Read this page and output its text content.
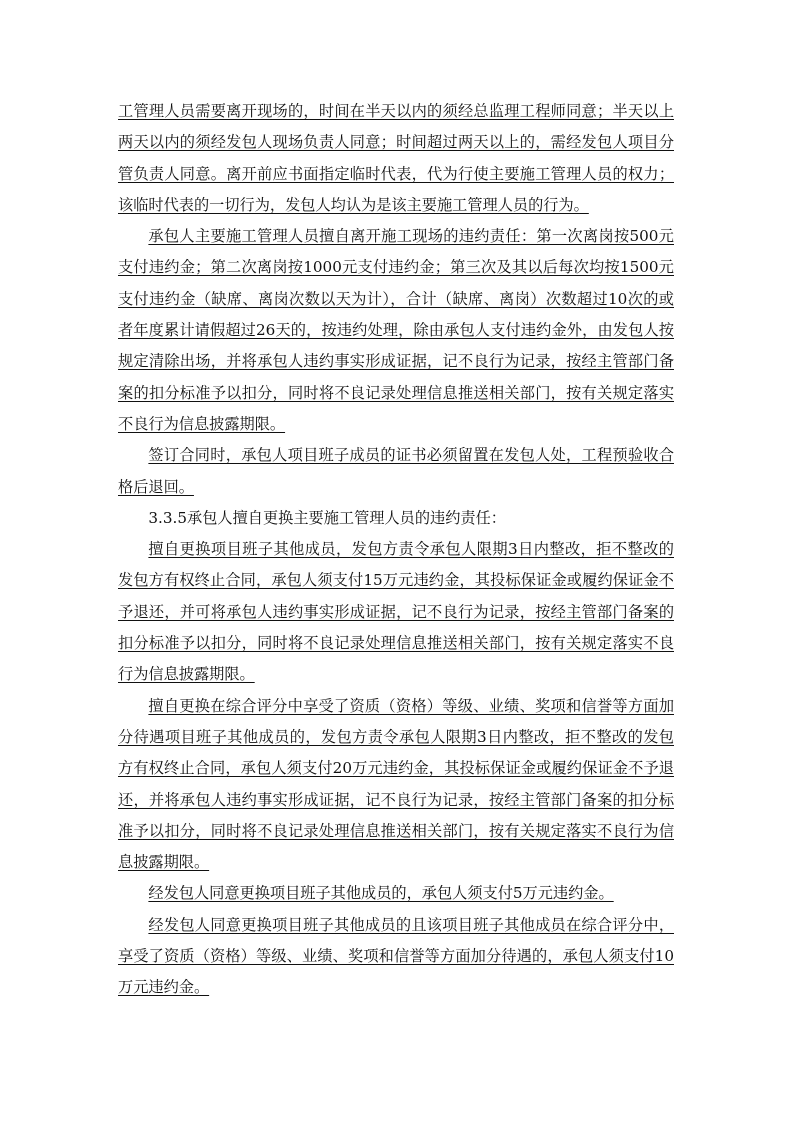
工管理人员需要离开现场的，时间在半天以内的须经总监理工程师同意；半天以上两天以内的须经发包人现场负责人同意；时间超过两天以上的，需经发包人项目分管负责人同意。离开前应书面指定临时代表，代为行使主要施工管理人员的权力；该临时代表的一切行为，发包人均认为是该主要施工管理人员的行为。

承包人主要施工管理人员擅自离开施工现场的违约责任：第一次离岗按500元支付违约金；第二次离岗按1000元支付违约金；第三次及其以后每次均按1500元支付违约金（缺席、离岗次数以天为计），合计（缺席、离岗）次数超过10次的或者年度累计请假超过26天的，按违约处理，除由承包人支付违约金外，由发包人按规定清除出场，并将承包人违约事实形成证据，记不良行为记录，按经主管部门备案的扣分标准予以扣分，同时将不良记录处理信息推送相关部门，按有关规定落实不良行为信息披露期限。

签订合同时，承包人项目班子成员的证书必须留置在发包人处，工程预验收合格后退回。

3.3.5承包人擅自更换主要施工管理人员的违约责任：

擅自更换项目班子其他成员，发包方责令承包人限期3日内整改，拒不整改的发包方有权终止合同，承包人须支付15万元违约金，其投标保证金或履约保证金不予退还，并可将承包人违约事实形成证据，记不良行为记录，按经主管部门备案的扣分标准予以扣分，同时将不良记录处理信息推送相关部门，按有关规定落实不良行为信息披露期限。

擅自更换在综合评分中享受了资质（资格）等级、业绩、奖项和信誉等方面加分待遇项目班子其他成员的，发包方责令承包人限期3日内整改，拒不整改的发包方有权终止合同，承包人须支付20万元违约金，其投标保证金或履约保证金不予退还，并将承包人违约事实形成证据，记不良行为记录，按经主管部门备案的扣分标准予以扣分，同时将不良记录处理信息推送相关部门，按有关规定落实不良行为信息披露期限。

经发包人同意更换项目班子其他成员的，承包人须支付5万元违约金。

经发包人同意更换项目班子其他成员的且该项目班子其他成员在综合评分中，享受了资质（资格）等级、业绩、奖项和信誉等方面加分待遇的，承包人须支付10万元违约金。
